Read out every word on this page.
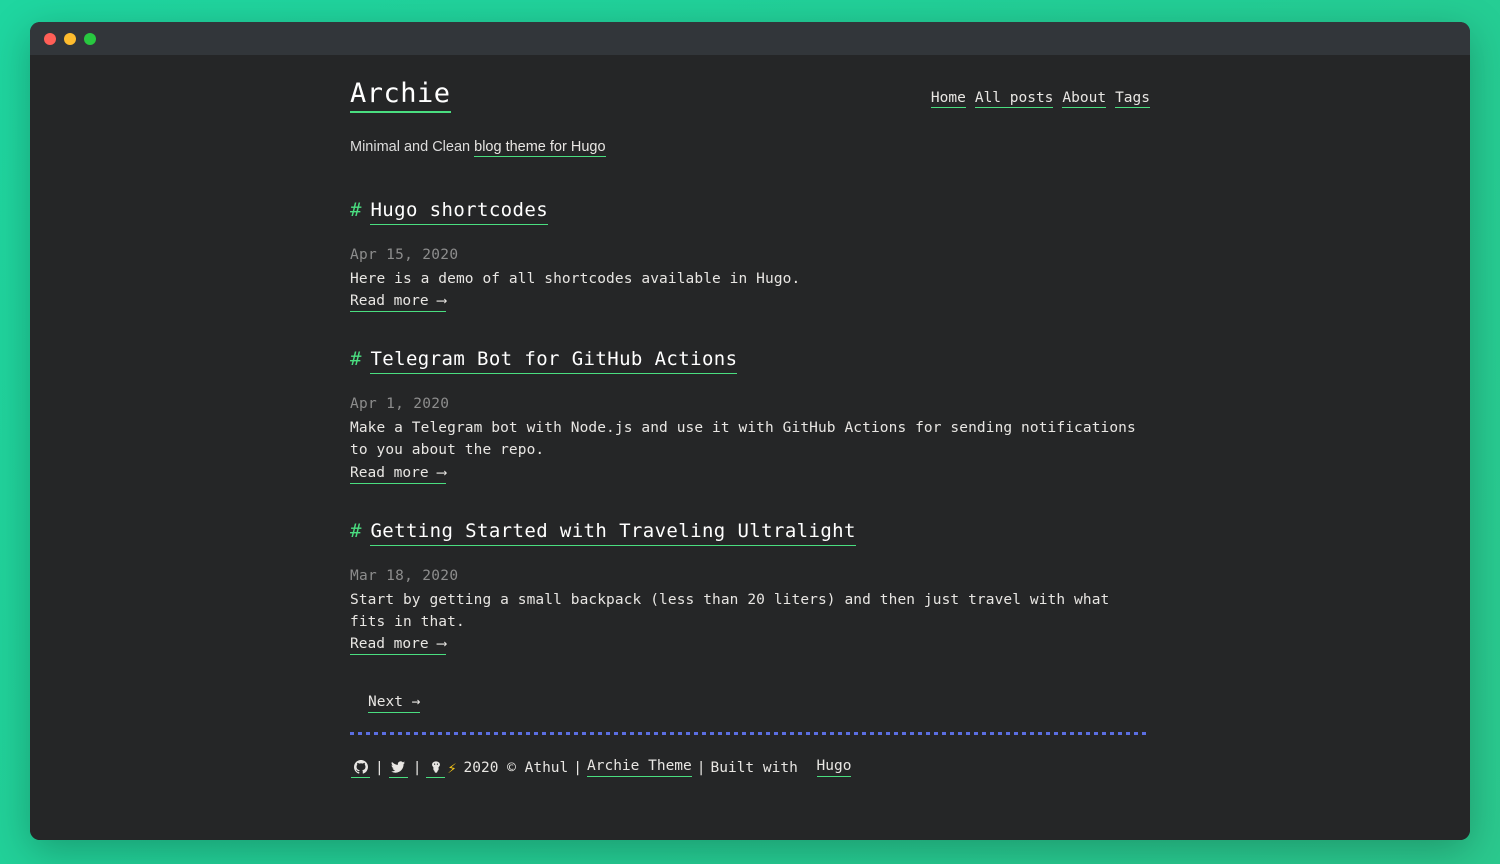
Archie	Home All posts About Tags
Minimal and Clean blog theme for Hugo
# Hugo shortcodes
Apr 15, 2020
Here is a demo of all shortcodes available in Hugo.
Read more ⟶
# Telegram Bot for GitHub Actions
Apr 1, 2020
Make a Telegram bot with Node.js and use it with GitHub Actions for sending notifications to you about the repo.
Read more ⟶
# Getting Started with Traveling Ultralight
Mar 18, 2020
Start by getting a small backpack (less than 20 liters) and then just travel with what fits in that.
Read more ⟶
Next →
| | ⚡ 2020 © Athul | Archie Theme | Built with
Hugo
